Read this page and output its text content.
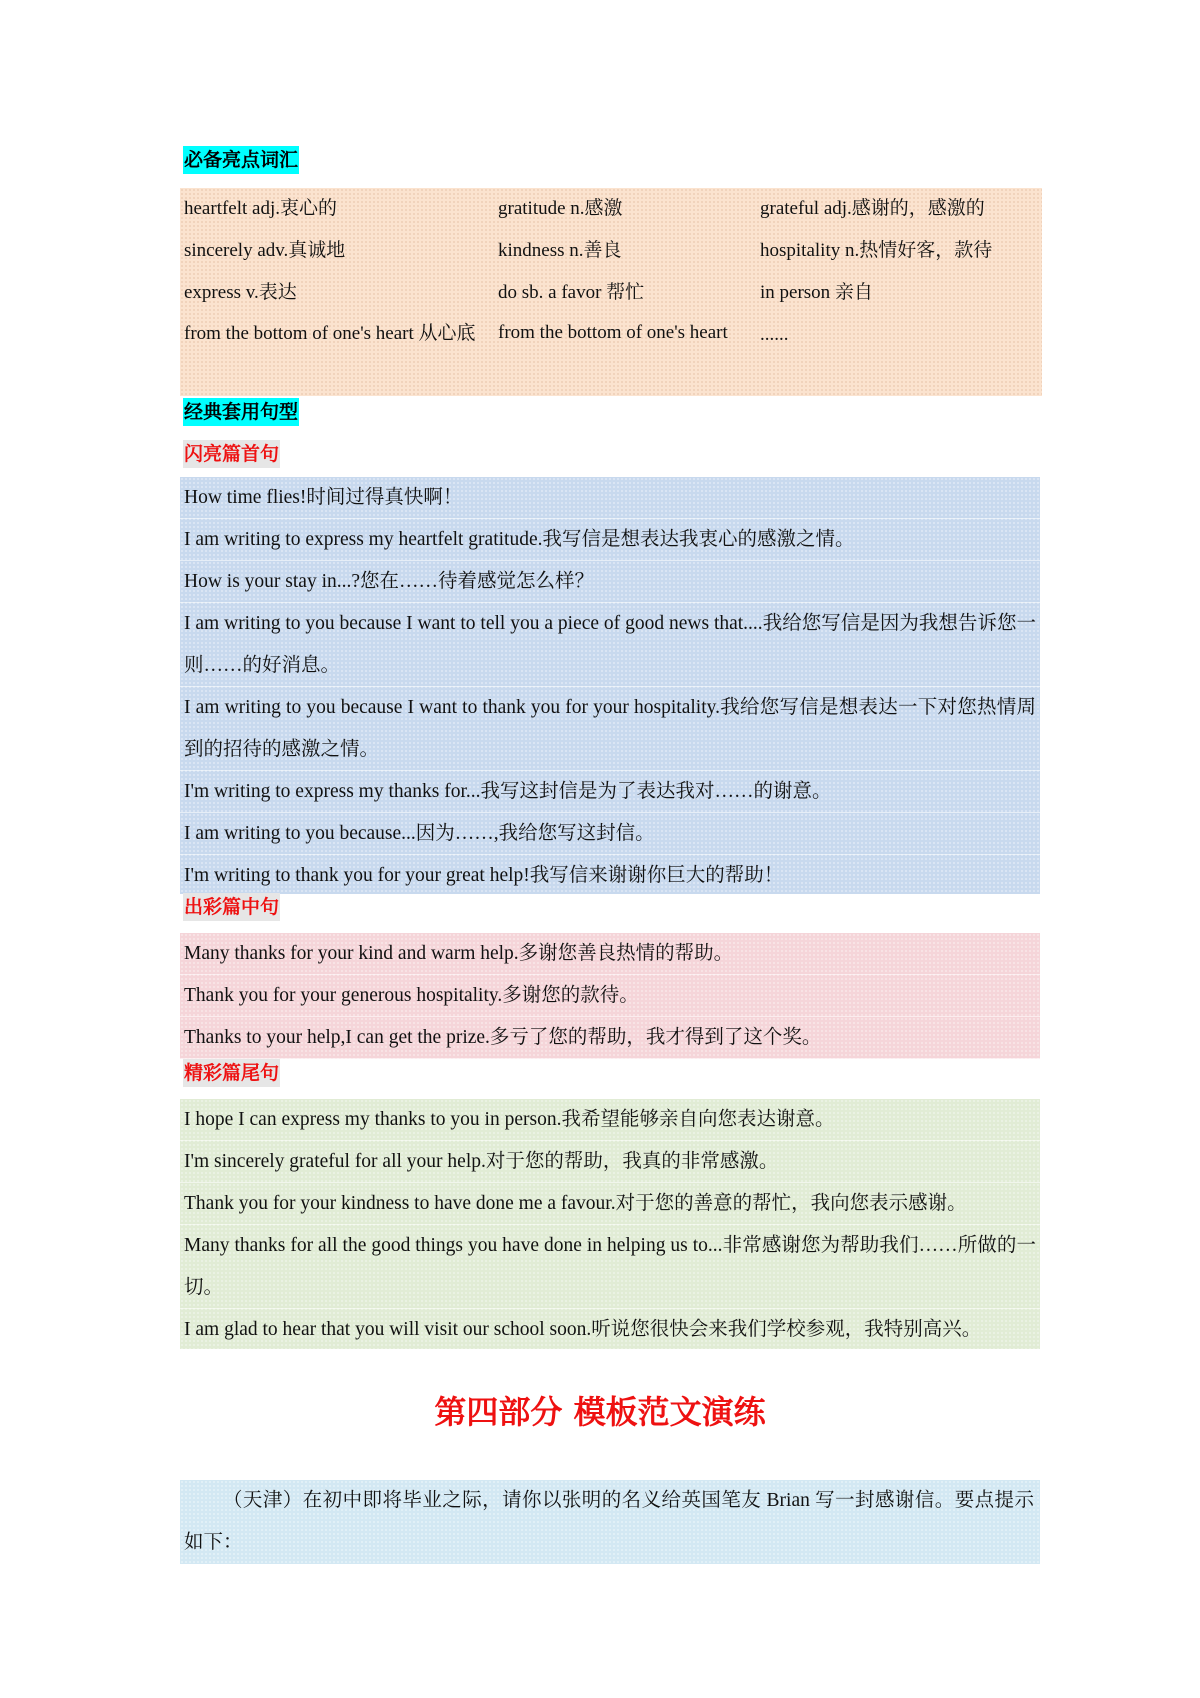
必备亮点词汇
heartfelt adj.衷心的
sincerely adv.真诚地
express v.表达
from the bottom of one's heart 从心底
gratitude n.感激
kindness n.善良
do sb. a favor 帮忙
from the bottom of one's heart
grateful adj.感谢的，感激的
hospitality n.热情好客，款待
in person 亲自
......
经典套用句型
闪亮篇首句
How time flies!时间过得真快啊！
I am writing to express my heartfelt gratitude.我写信是想表达我衷心的感激之情。
How is your stay in...?您在……待着感觉怎么样？
I am writing to you because I want to tell you a piece of good news that....我给您写信是因为我想告诉您一则……的好消息。
I am writing to you because I want to thank you for your hospitality.我给您写信是想表达一下对您热情周到的招待的感激之情。
I'm writing to express my thanks for...我写这封信是为了表达我对……的谢意。
I am writing to you because...因为……,我给您写这封信。
I'm writing to thank you for your great help!我写信来谢谢你巨大的帮助！
出彩篇中句
Many thanks for your kind and warm help.多谢您善良热情的帮助。
Thank you for your generous hospitality.多谢您的款待。
Thanks to your help,I can get the prize.多亏了您的帮助，我才得到了这个奖。
精彩篇尾句
I hope I can express my thanks to you in person.我希望能够亲自向您表达谢意。
I'm sincerely grateful for all your help.对于您的帮助，我真的非常感激。
Thank you for your kindness to have done me a favour.对于您的善意的帮忙，我向您表示感谢。
Many thanks for all the good things you have done in helping us to...非常感谢您为帮助我们……所做的一切。
I am glad to hear that you will visit our school soon.听说您很快会来我们学校参观，我特别高兴。
第四部分 模板范文演练
（天津）在初中即将毕业之际，请你以张明的名义给英国笔友 Brian 写一封感谢信。要点提示如下：
